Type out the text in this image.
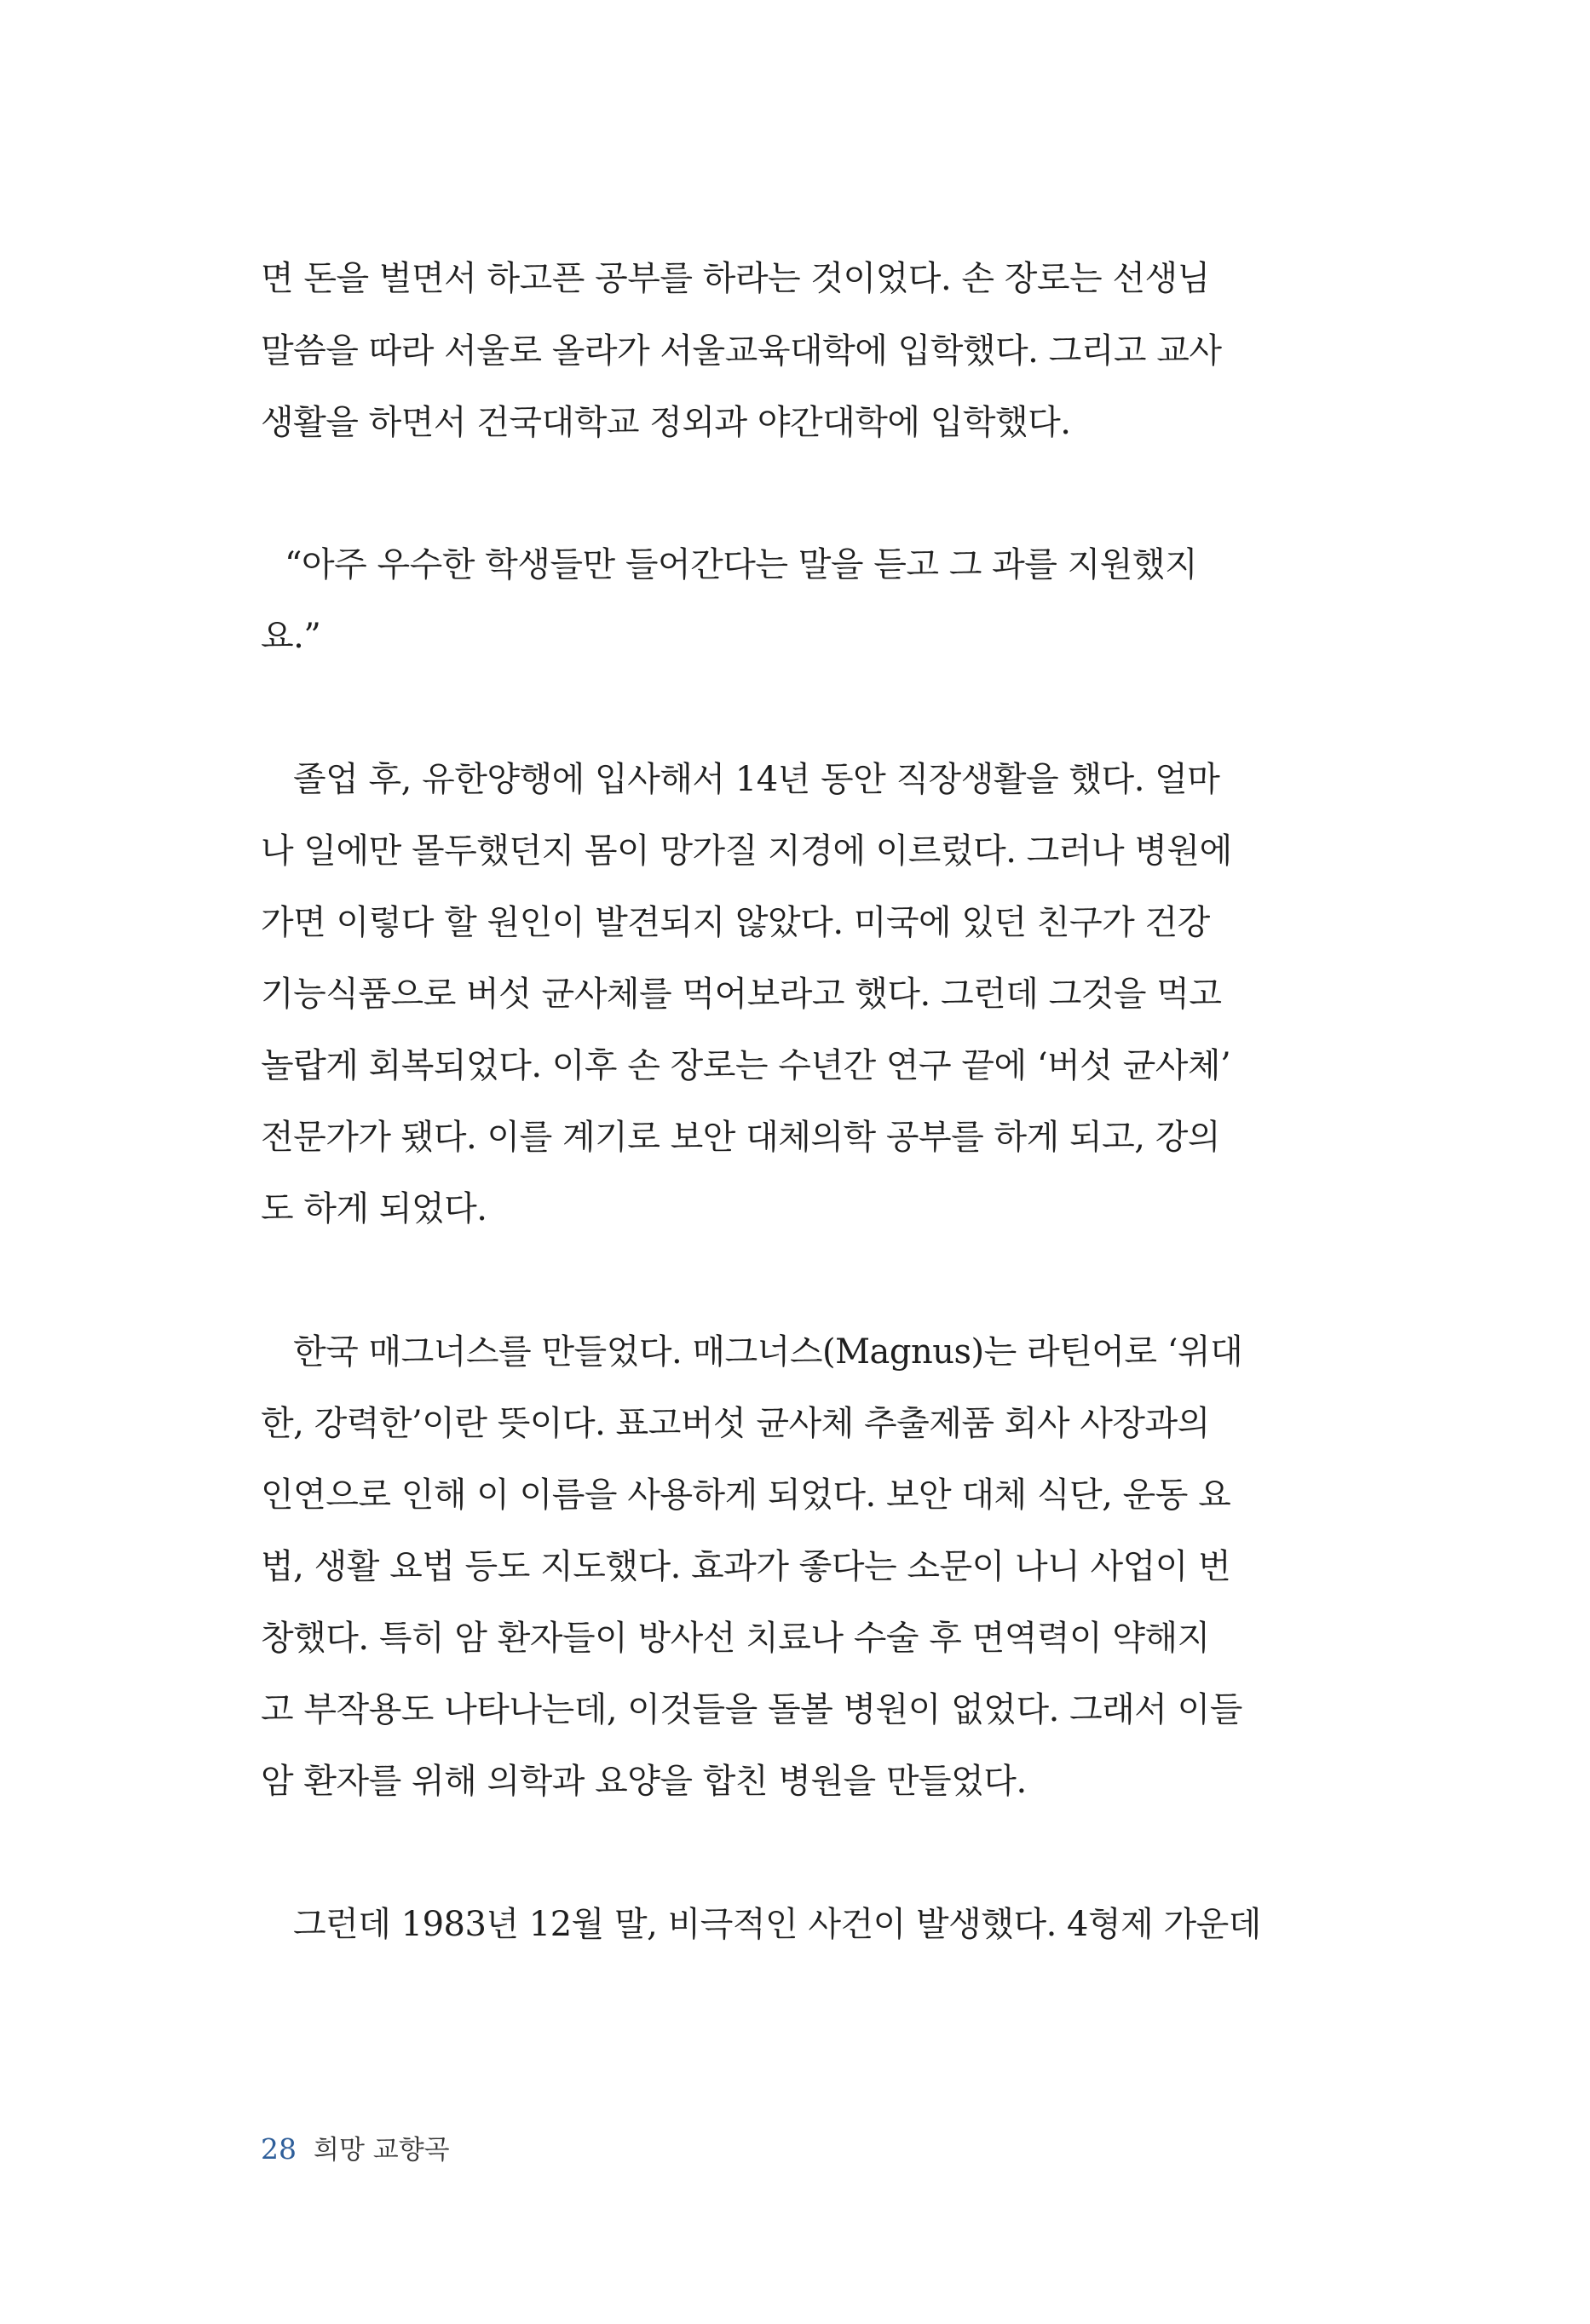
면 돈을 벌면서 하고픈 공부를 하라는 것이었다. 손 장로는 선생님
말씀을 따라 서울로 올라가 서울교육대학에 입학했다. 그리고 교사
생활을 하면서 건국대학교 정외과 야간대학에 입학했다.
“아주 우수한 학생들만 들어간다는 말을 듣고 그 과를 지원했지
요.”
졸업 후, 유한양행에 입사해서 14년 동안 직장생활을 했다. 얼마
나 일에만 몰두했던지 몸이 망가질 지경에 이르렀다. 그러나 병원에
가면 이렇다 할 원인이 발견되지 않았다. 미국에 있던 친구가 건강
기능식품으로 버섯 균사체를 먹어보라고 했다. 그런데 그것을 먹고
놀랍게 회복되었다. 이후 손 장로는 수년간 연구 끝에 ‘버섯 균사체’
전문가가 됐다. 이를 계기로 보안 대체의학 공부를 하게 되고, 강의
도 하게 되었다.
한국 매그너스를 만들었다. 매그너스(Magnus)는 라틴어로 ‘위대
한, 강력한’이란 뜻이다. 표고버섯 균사체 추출제품 회사 사장과의
인연으로 인해 이 이름을 사용하게 되었다. 보안 대체 식단, 운동 요
법, 생활 요법 등도 지도했다. 효과가 좋다는 소문이 나니 사업이 번
창했다. 특히 암 환자들이 방사선 치료나 수술 후 면역력이 약해지
고 부작용도 나타나는데, 이것들을 돌볼 병원이 없었다. 그래서 이들
암 환자를 위해 의학과 요양을 합친 병원을 만들었다.
그런데 1983년 12월 말, 비극적인 사건이 발생했다. 4형제 가운데
28 희망 교향곡
